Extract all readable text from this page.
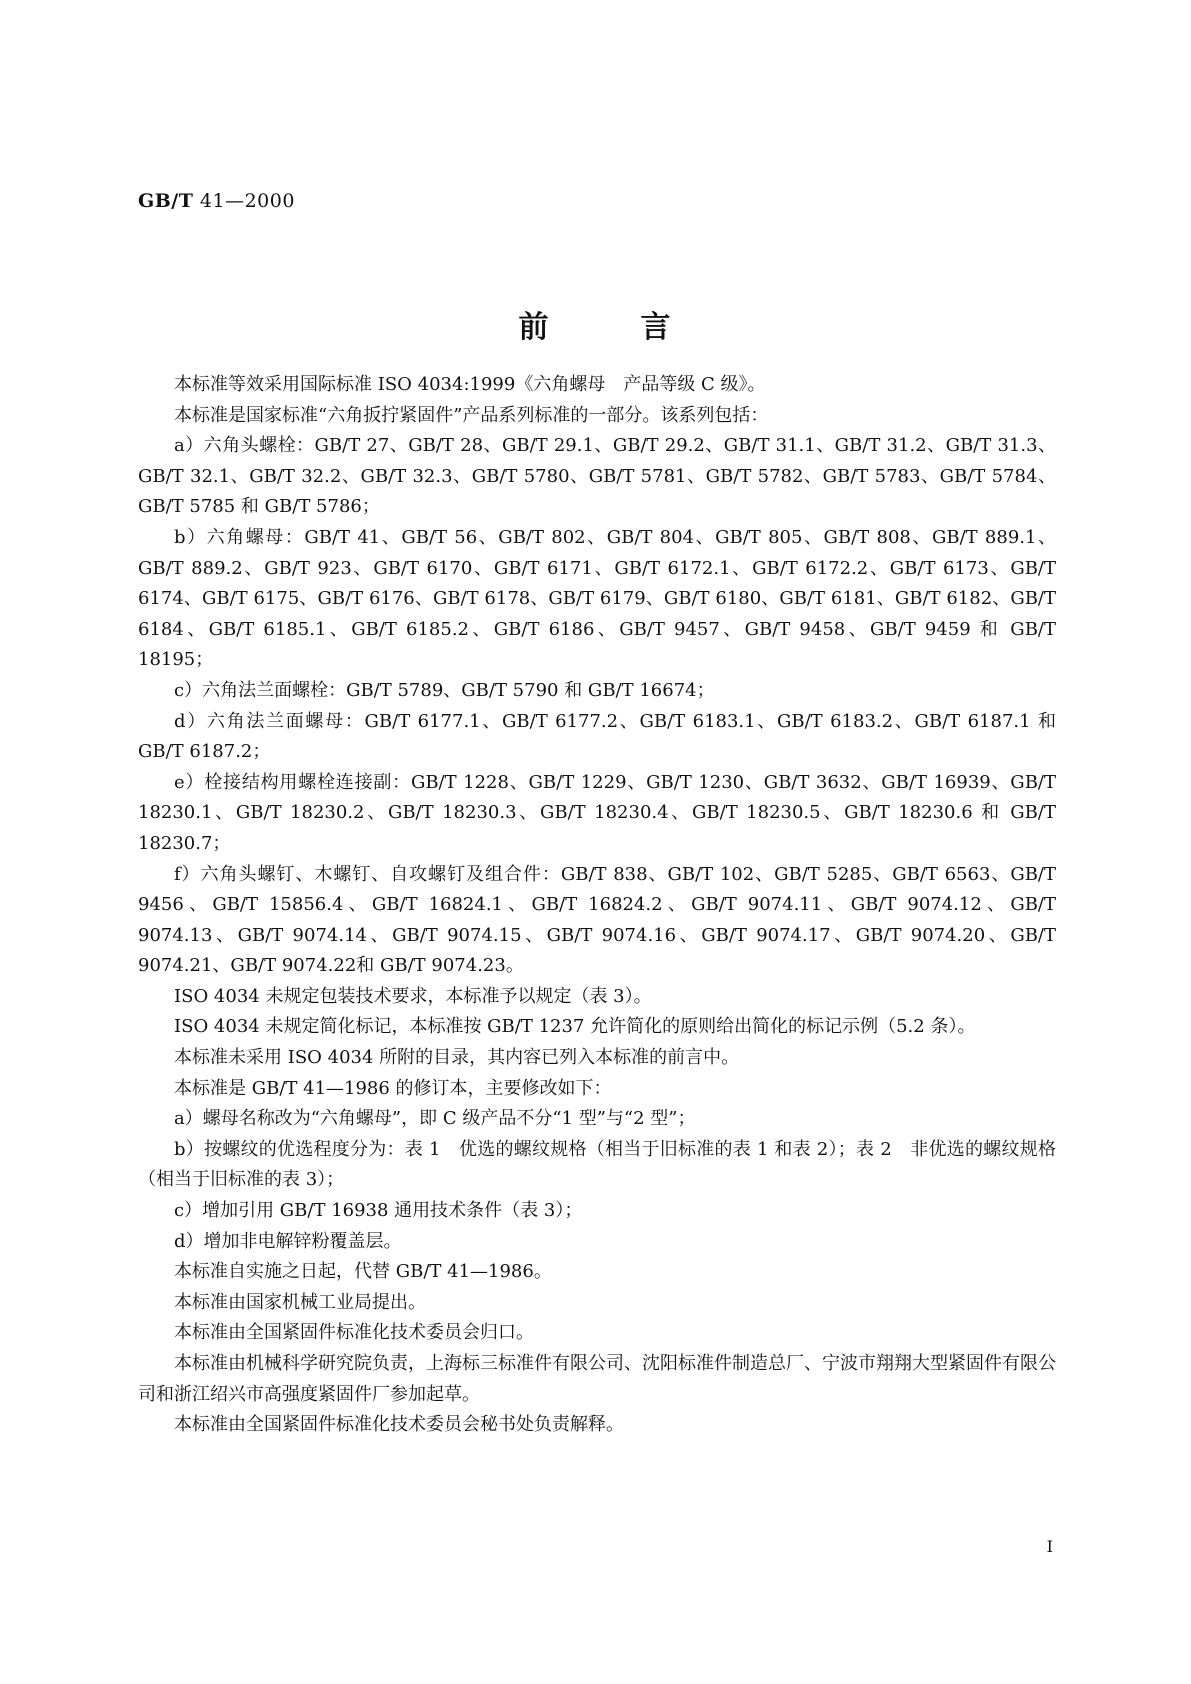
GB/T 41—2000
前	言

本标准等效采用国际标准 ISO 4034:1999《六角螺母　产品等级 C 级》。

本标准是国家标准“六角扳拧紧固件”产品系列标准的一部分。该系列包括：

a）六角头螺栓：GB/T 27、GB/T 28、GB/T 29.1、GB/T 29.2、GB/T 31.1、GB/T 31.2、GB/T 31.3、GB/T 32.1、GB/T 32.2、GB/T 32.3、GB/T 5780、GB/T 5781、GB/T 5782、GB/T 5783、GB/T 5784、GB/T 5785 和 GB/T 5786；

b）六角螺母：GB/T 41、GB/T 56、GB/T 802、GB/T 804、GB/T 805、GB/T 808、GB/T 889.1、GB/T 889.2、GB/T 923、GB/T 6170、GB/T 6171、GB/T 6172.1、GB/T 6172.2、GB/T 6173、GB/T 6174、GB/T 6175、GB/T 6176、GB/T 6178、GB/T 6179、GB/T 6180、GB/T 6181、GB/T 6182、GB/T 6184、GB/T 6185.1、GB/T 6185.2、GB/T 6186、GB/T 9457、GB/T 9458、GB/T 9459 和 GB/T 18195；

c）六角法兰面螺栓：GB/T 5789、GB/T 5790 和 GB/T 16674；

d）六角法兰面螺母：GB/T 6177.1、GB/T 6177.2、GB/T 6183.1、GB/T 6183.2、GB/T 6187.1 和 GB/T 6187.2；

e）栓接结构用螺栓连接副：GB/T 1228、GB/T 1229、GB/T 1230、GB/T 3632、GB/T 16939、GB/T 18230.1、GB/T 18230.2、GB/T 18230.3、GB/T 18230.4、GB/T 18230.5、GB/T 18230.6 和 GB/T 18230.7；

f）六角头螺钉、木螺钉、自攻螺钉及组合件：GB/T 838、GB/T 102、GB/T 5285、GB/T 6563、GB/T 9456、GB/T 15856.4、GB/T 16824.1、GB/T 16824.2、GB/T 9074.11、GB/T 9074.12、GB/T 9074.13、GB/T 9074.14、GB/T 9074.15、GB/T 9074.16、GB/T 9074.17、GB/T 9074.20、GB/T 9074.21、GB/T 9074.22和 GB/T 9074.23。

ISO 4034 未规定包装技术要求，本标准予以规定（表 3）。

ISO 4034 未规定简化标记，本标准按 GB/T 1237 允许简化的原则给出简化的标记示例（5.2 条）。

本标准未采用 ISO 4034 所附的目录，其内容已列入本标准的前言中。

本标准是 GB/T 41—1986 的修订本，主要修改如下：

a）螺母名称改为“六角螺母”，即 C 级产品不分“1 型”与“2 型”；

b）按螺纹的优选程度分为：表 1　优选的螺纹规格（相当于旧标准的表 1 和表 2）；表 2　非优选的螺纹规格（相当于旧标准的表 3）；

c）增加引用 GB/T 16938 通用技术条件（表 3）；

d）增加非电解锌粉覆盖层。

本标准自实施之日起，代替 GB/T 41—1986。

本标准由国家机械工业局提出。

本标准由全国紧固件标准化技术委员会归口。

本标准由机械科学研究院负责，上海标三标准件有限公司、沈阳标准件制造总厂、宁波市翔翔大型紧固件有限公司和浙江绍兴市高强度紧固件厂参加起草。

本标准由全国紧固件标准化技术委员会秘书处负责解释。

I
